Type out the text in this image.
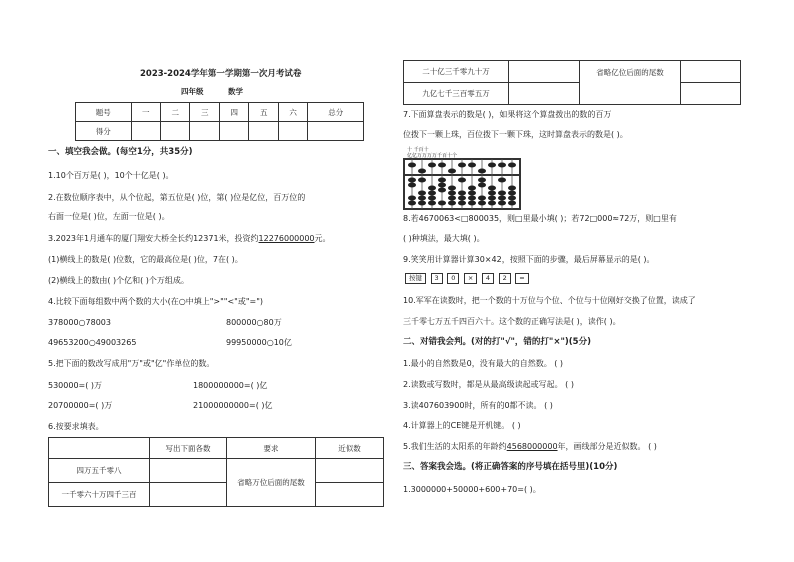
2023-2024学年第一学期第一次月考试卷
四年级	数学
题号	一	二	三	四	五	六	总分
得分							
一、填空我会做。(每空1分，共35分)
1.10个百万是( )，10个十亿是( )。
2.在数位顺序表中，从个位起，第五位是( )位，第( )位是亿位，百万位的
右面一位是( )位，左面一位是( )。
3.2023年1月通车的厦门翔安大桥全长约12371米，投资约12276000000元。
(1)横线上的数是( )位数，它的最高位是( )位，7在( )。
(2)横线上的数由( )个亿和( )个万组成。
4.比较下面每组数中两个数的大小(在○中填上">""<"或"=")
378000○78003	800000○80万
49653200○49003265	99950000○10亿
5.把下面的数改写成用"万"或"亿"作单位的数。
530000=( )万	1800000000=( )亿
20700000=( )万	21000000000=( )亿
6.按要求填表。
	写出下面各数	要求	近似数
四万五千零八		省略万位后面的尾数	
一千零六十万四千三百			
二十亿三千零九十万		省略亿位后面的尾数	
九亿七千三百零五万			
7.下面算盘表示的数是( )，如果将这个算盘拨出的数的百万
位拨下一颗上珠，百位拨下一颗下珠，这时算盘表示的数是( )。
十 千百十
亿亿万万万万千百十个
8.若4670063<□800035，则□里最小填( )；若72□000≈72万，则□里有
( )种填法，最大填( )。
9.笑笑用计算器计算30×42，按照下面的步骤，最后屏幕显示的是( )。
按键 3 0 × 4 2 =
10.军军在读数时，把一个数的十万位与个位、个位与十位刚好交换了位置，读成了
三千零七万五千四百六十。这个数的正确写法是( )，读作( )。
二、对错我会判。(对的打"√"，错的打"×")(5分)
1.最小的自然数是0，没有最大的自然数。 ( )
2.读数或写数时，都是从最高级读起或写起。 ( )
3.读407603900时，所有的0都不读。 ( )
4.计算器上的CE键是开机键。 ( )
5.我们生活的太阳系的年龄约4568000000年，画线部分是近似数。 ( )
三、答案我会选。(将正确答案的序号填在括号里)(10分)
1.3000000+50000+600+70=( )。
